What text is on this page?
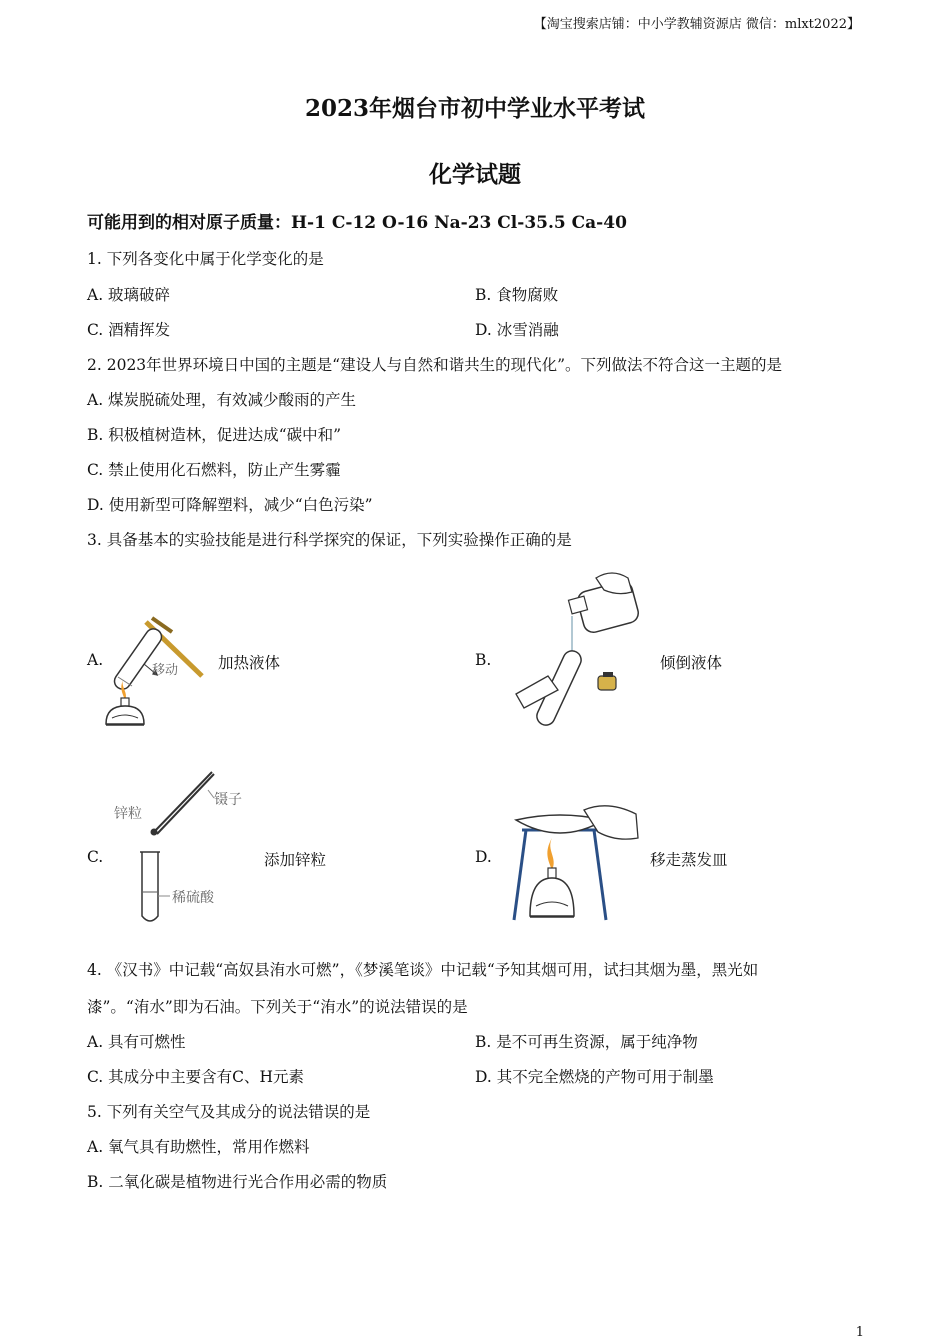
【淘宝搜索店铺：中小学教辅资源店 微信：mlxt2022】
2023年烟台市初中学业水平考试
化学试题
可能用到的相对原子质量：H-1 C-12 O-16 Na-23 Cl-35.5 Ca-40
1. 下列各变化中属于化学变化的是
A. 玻璃破碎	B. 食物腐败
C. 酒精挥发	D. 冰雪消融
2. 2023年世界环境日中国的主题是“建设人与自然和谐共生的现代化”。下列做法不符合这一主题的是
A. 煤炭脱硫处理，有效减少酸雨的产生
B. 积极植树造林，促进达成“碳中和”
C. 禁止使用化石燃料，防止产生雾霾
D. 使用新型可降解塑料，减少“白色污染”
3. 具备基本的实验技能是进行科学探究的保证，下列实验操作正确的是
A.	加热液体	B.	倾倒液体
C.	添加锌粒	D.	移走蒸发皿
移动
锌粒
镊子
稀硫酸
4. 《汉书》中记载“高奴县洧水可燃”，《梦溪笔谈》中记载“予知其烟可用，试扫其烟为墨，黑光如
漆”。“洧水”即为石油。下列关于“洧水”的说法错误的是
A. 具有可燃性	B. 是不可再生资源，属于纯净物
C. 其成分中主要含有C、H元素	D. 其不完全燃烧的产物可用于制墨
5. 下列有关空气及其成分的说法错误的是
A. 氧气具有助燃性，常用作燃料
B. 二氧化碳是植物进行光合作用必需的物质
1
